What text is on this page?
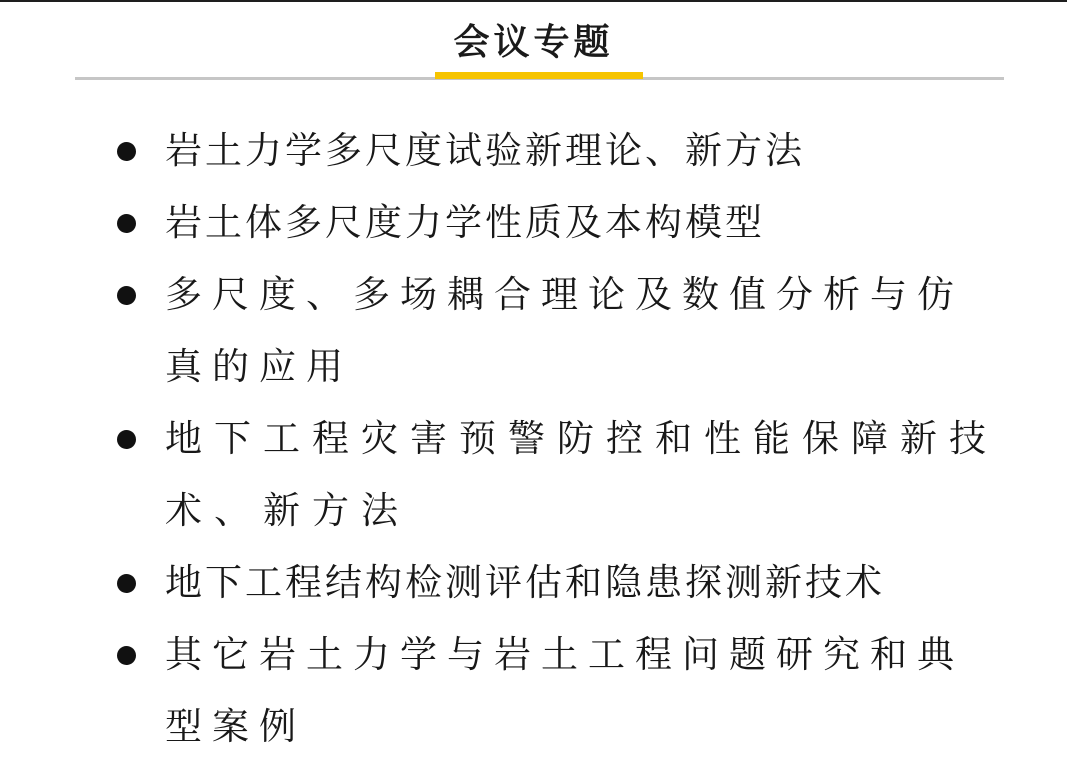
会议专题
岩土力学多尺度试验新理论、新方法
岩土体多尺度力学性质及本构模型
多尺度、多场耦合理论及数值分析与仿真的应用
地下工程灾害预警防控和性能保障新技术、新方法
地下工程结构检测评估和隐患探测新技术
其它岩土力学与岩土工程问题研究和典型案例
